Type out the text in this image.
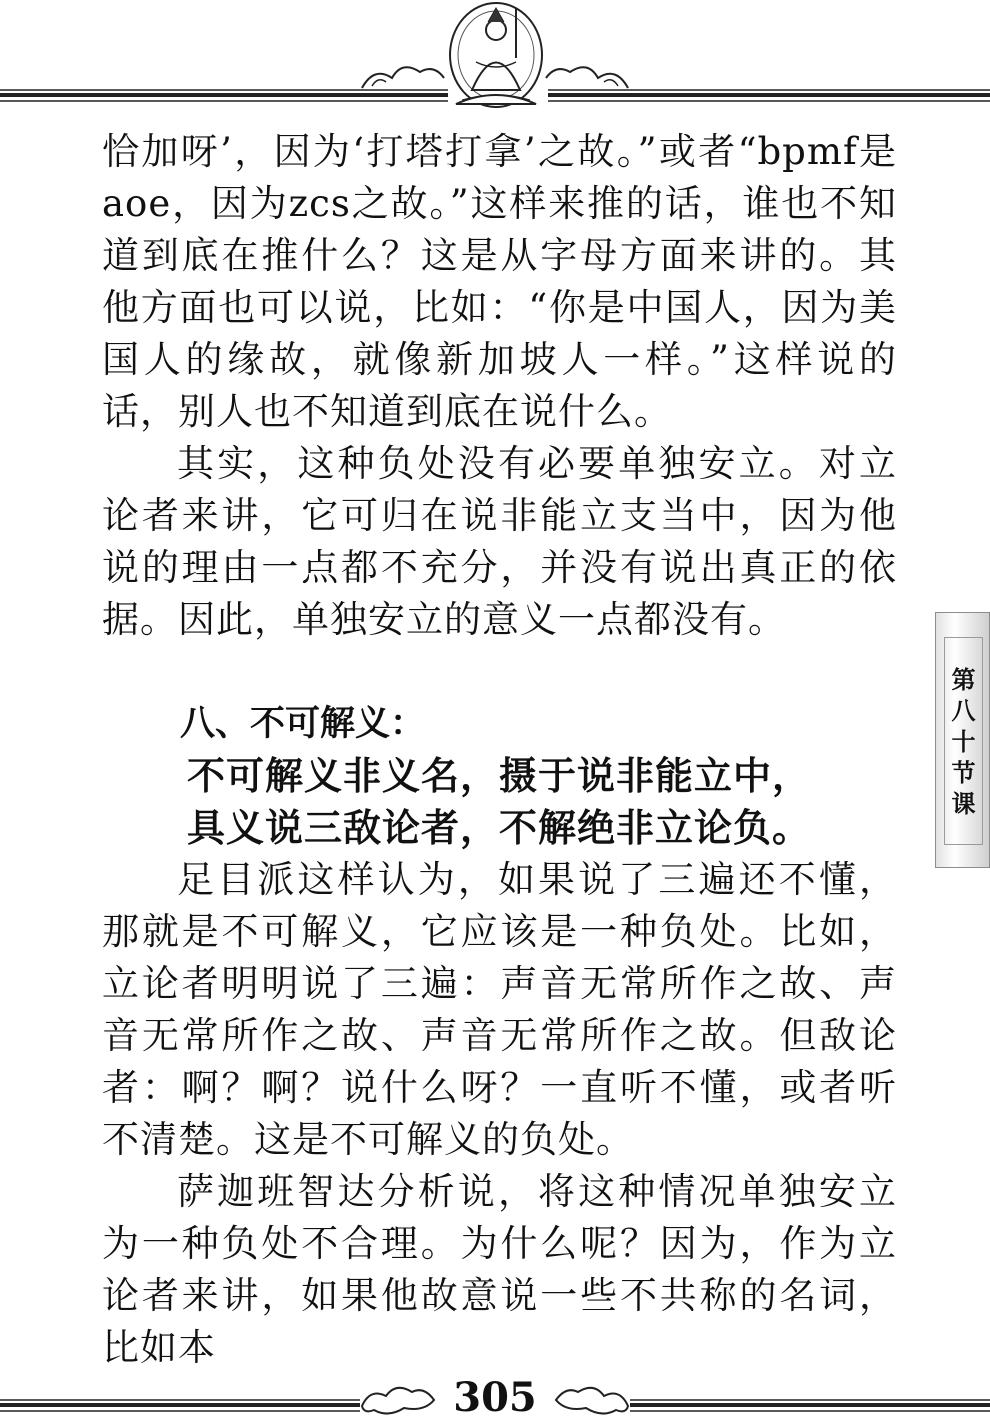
恰加呀’，因为‘打塔打拿’之故。”或者“bpmf是aoe，因为zcs之故。”这样来推的话，谁也不知道到底在推什么？这是从字母方面来讲的。其他方面也可以说，比如：“你是中国人，因为美国人的缘故，就像新加坡人一样。”这样说的话，别人也不知道到底在说什么。

其实，这种负处没有必要单独安立。对立论者来讲，它可归在说非能立支当中，因为他说的理由一点都不充分，并没有说出真正的依据。因此，单独安立的意义一点都没有。

八、不可解义：
不可解义非义名，摄于说非能立中，
具义说三敌论者，不解绝非立论负。

足目派这样认为，如果说了三遍还不懂，那就是不可解义，它应该是一种负处。比如，立论者明明说了三遍：声音无常所作之故、声音无常所作之故、声音无常所作之故。但敌论者：啊？啊？说什么呀？一直听不懂，或者听不清楚。这是不可解义的负处。

萨迦班智达分析说，将这种情况单独安立为一种负处不合理。为什么呢？因为，作为立论者来讲，如果他故意说一些不共称的名词，比如本

第
八
十
节
课
305
